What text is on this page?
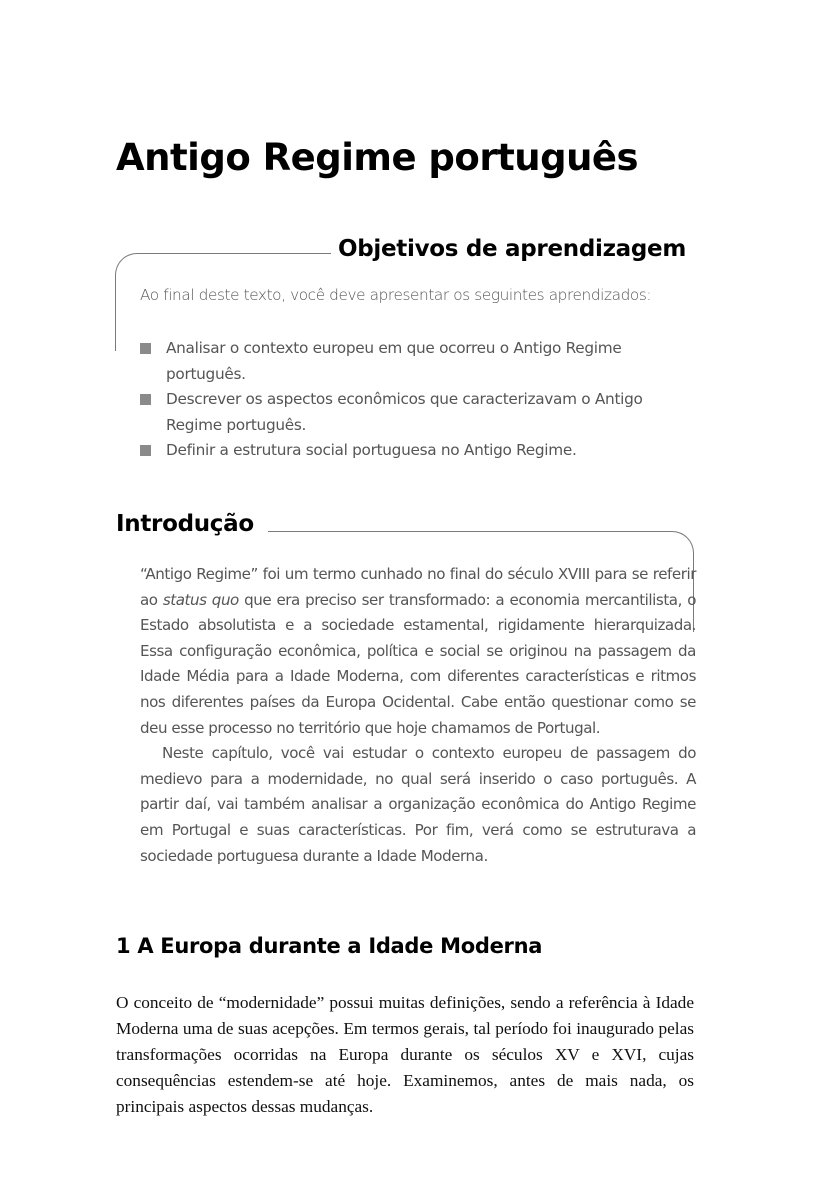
Antigo Regime português
Objetivos de aprendizagem

Ao final deste texto, você deve apresentar os seguintes aprendizados:

Analisar o contexto europeu em que ocorreu o Antigo Regime português.
Descrever os aspectos econômicos que caracterizavam o Antigo Regime português.
Definir a estrutura social portuguesa no Antigo Regime.
Introdução

“Antigo Regime” foi um termo cunhado no final do século XVIII para se referir ao status quo que era preciso ser transformado: a economia mercantilista, o Estado absolutista e a sociedade estamental, rigidamente hierarquizada. Essa configuração econômica, política e social se originou na passagem da Idade Média para a Idade Moderna, com diferentes características e ritmos nos diferentes países da Europa Ocidental. Cabe então questionar como se deu esse processo no território que hoje chamamos de Portugal.

Neste capítulo, você vai estudar o contexto europeu de passagem do medievo para a modernidade, no qual será inserido o caso português. A partir daí, vai também analisar a organização econômica do Antigo Regime em Portugal e suas características. Por fim, verá como se estruturava a sociedade portuguesa durante a Idade Moderna.

1 A Europa durante a Idade Moderna

O conceito de “modernidade” possui muitas definições, sendo a referência à Idade Moderna uma de suas acepções. Em termos gerais, tal período foi inaugurado pelas transformações ocorridas na Europa durante os séculos XV e XVI, cujas consequências estendem-se até hoje. Examinemos, antes de mais nada, os principais aspectos dessas mudanças.
